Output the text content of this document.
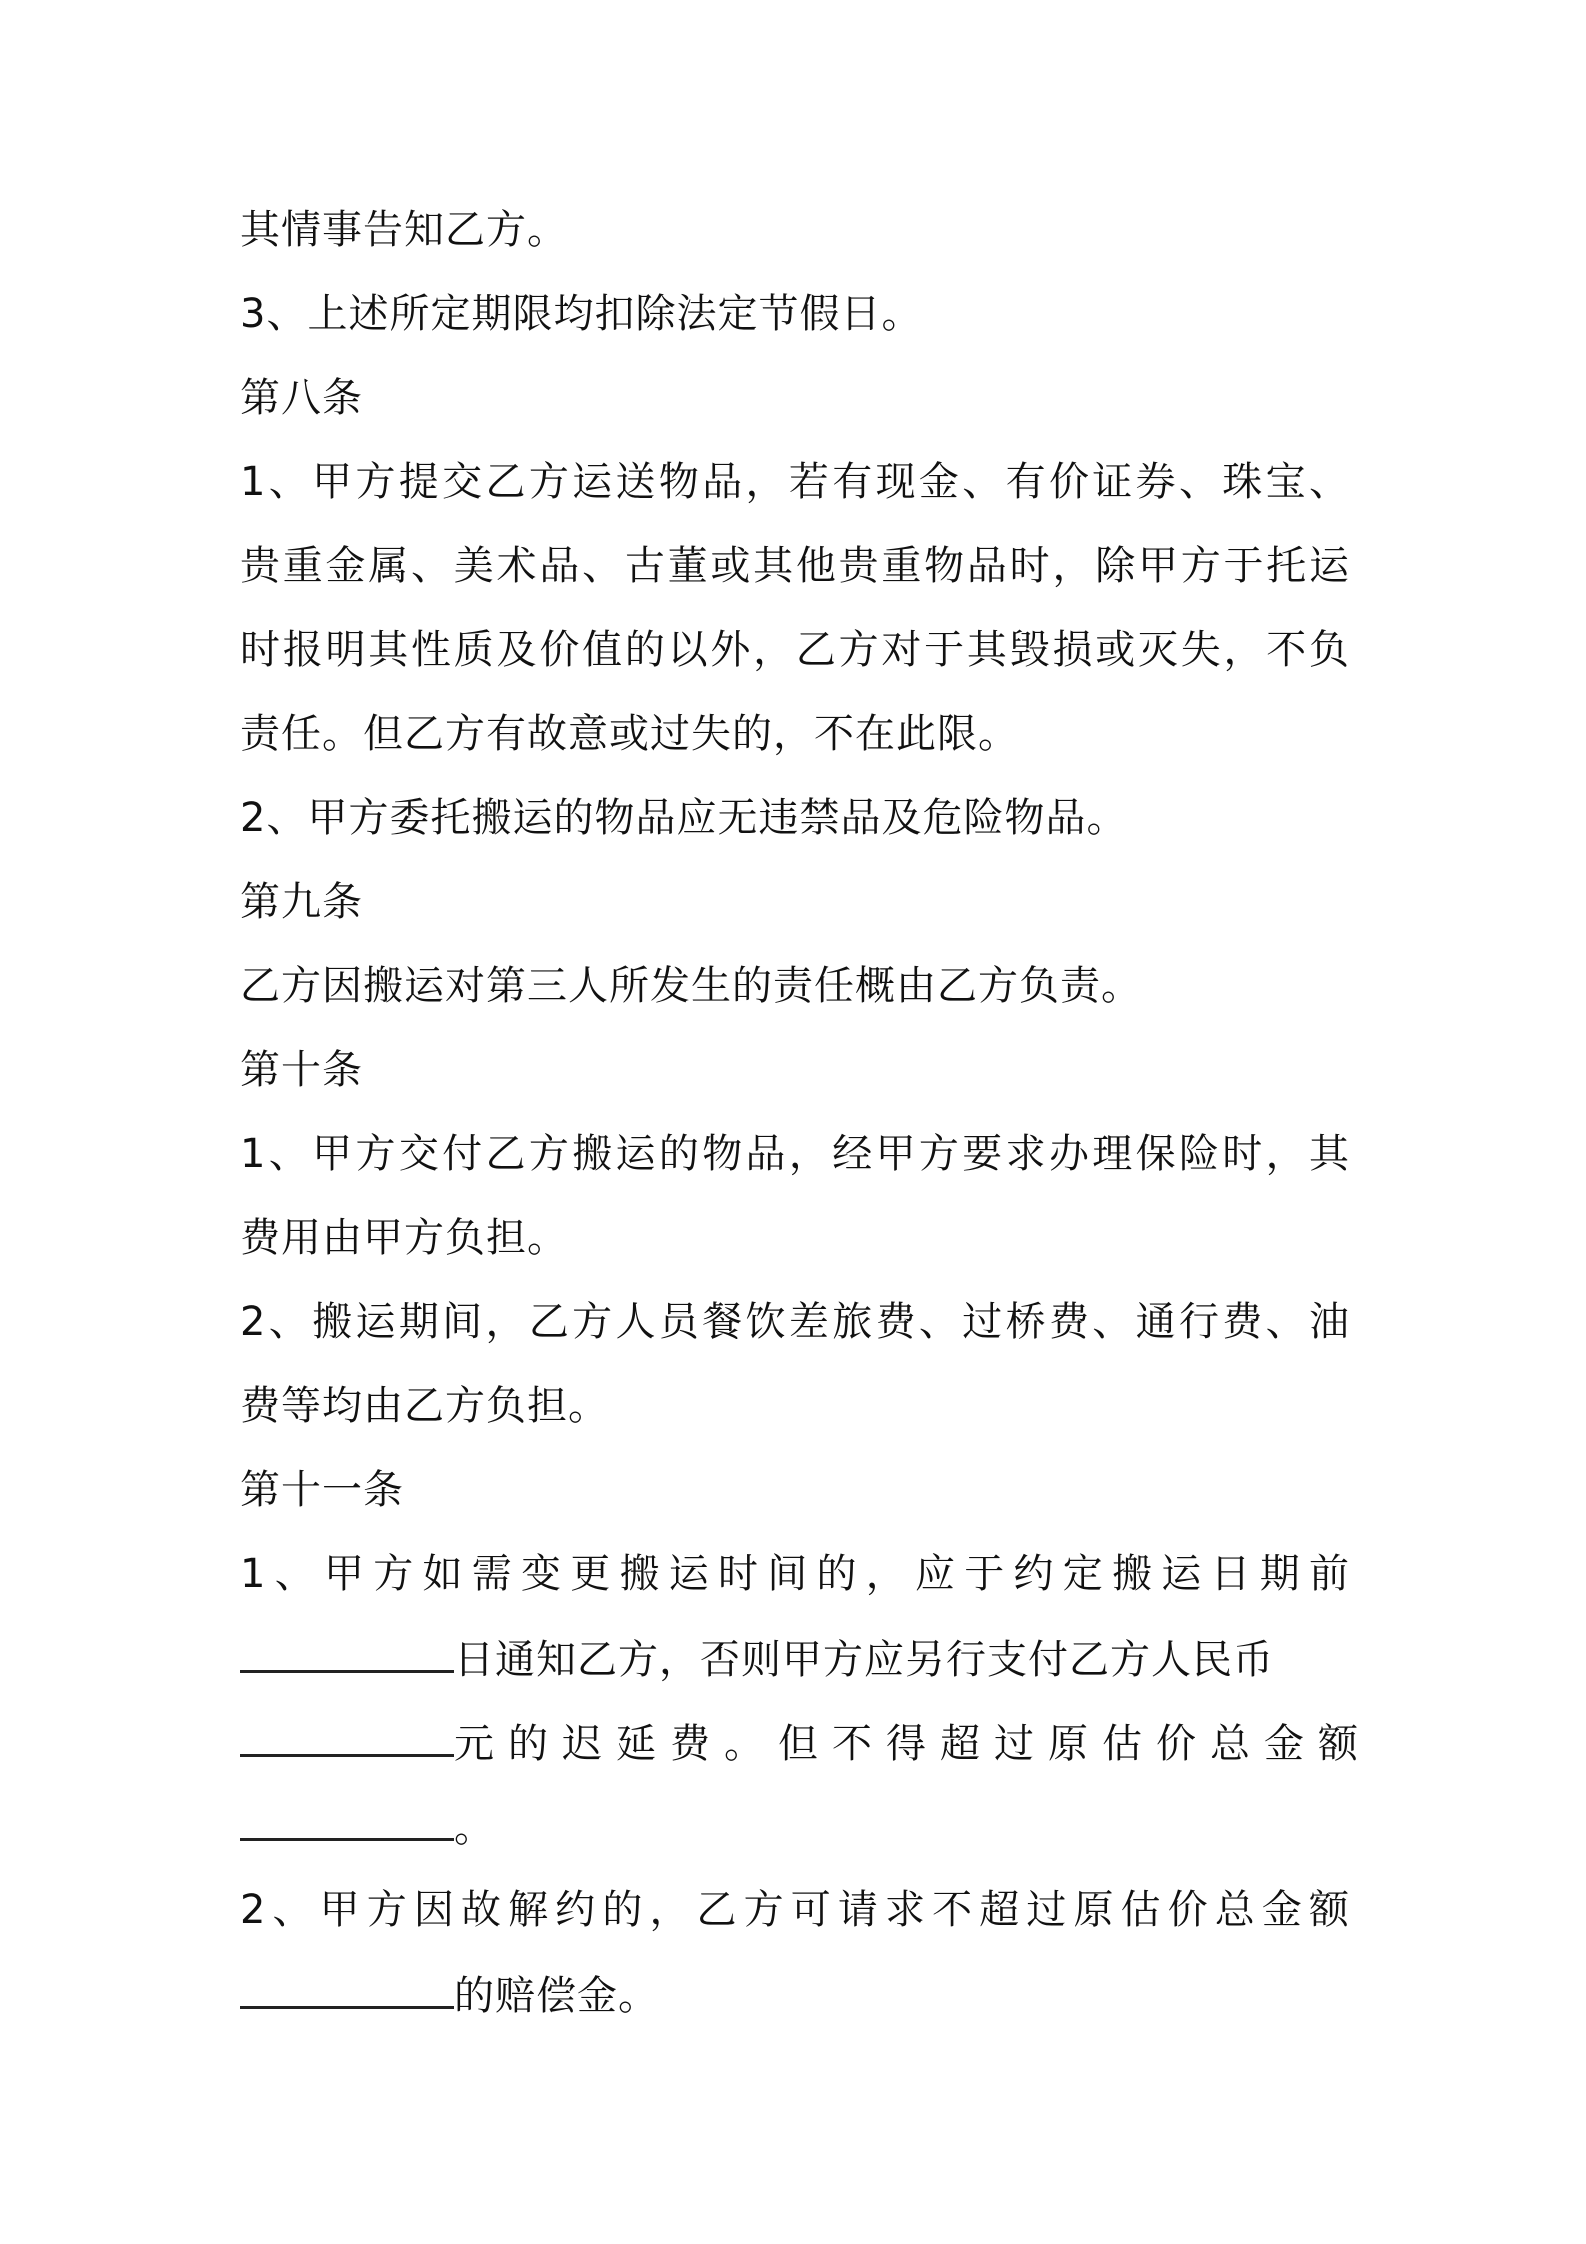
其情事告知乙方。
3、上述所定期限均扣除法定节假日。
第八条
1、甲方提交乙方运送物品，若有现金、有价证券、珠宝、
贵重金属、美术品、古董或其他贵重物品时，除甲方于托运
时报明其性质及价值的以外，乙方对于其毁损或灭失，不负
责任。但乙方有故意或过失的，不在此限。
2、甲方委托搬运的物品应无违禁品及危险物品。
第九条
乙方因搬运对第三人所发生的责任概由乙方负责。
第十条
1、甲方交付乙方搬运的物品，经甲方要求办理保险时，其
费用由甲方负担。
2、搬运期间，乙方人员餐饮差旅费、过桥费、通行费、油
费等均由乙方负担。
第十一条
1、甲方如需变更搬运时间的，应于约定搬运日期前
日通知乙方，否则甲方应另行支付乙方人民币
元的迟延费。但不得超过原估价总金额
。
2、甲方因故解约的，乙方可请求不超过原估价总金额
的赔偿金。
